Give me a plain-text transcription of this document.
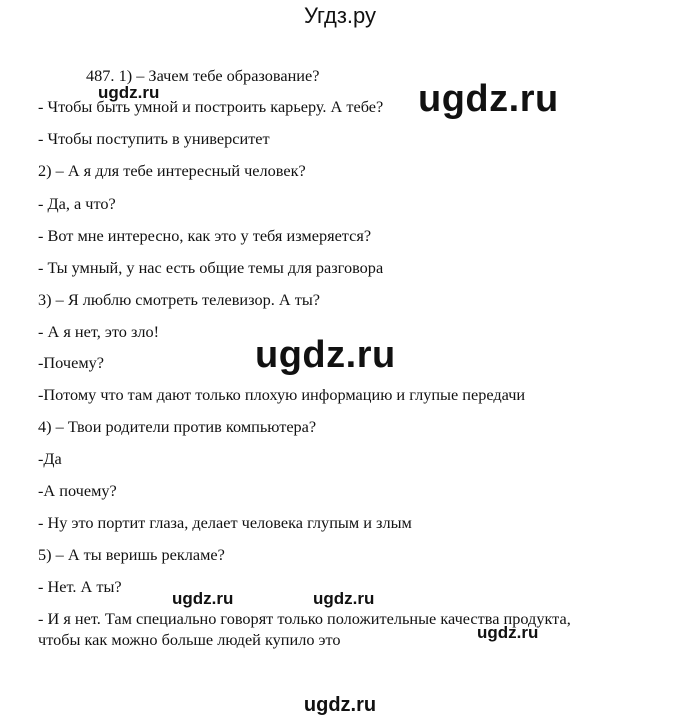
Угдз.ру
487. 1) – Зачем тебе образование?
- Чтобы быть умной и построить карьеру. А тебе?
- Чтобы поступить в университет
2) – А я для тебе интересный человек?
- Да, а что?
- Вот мне интересно, как это у тебя измеряется?
- Ты умный, у нас есть общие темы для разговора
3) – Я люблю смотреть телевизор. А ты?
- А я нет, это зло!
-Почему?
-Потому что там дают только плохую информацию и глупые передачи
4) – Твои родители против компьютера?
-Да
-А почему?
- Ну это портит глаза, делает человека глупым и злым
5) – А ты веришь рекламе?
- Нет. А ты?
- И я нет. Там специально говорят только положительные качества продукта,
чтобы как можно больше людей купило это
ugdz.ru	ugdz.ru
ugdz.ru
ugdz.ru	ugdz.ru
ugdz.ru
ugdz.ru
